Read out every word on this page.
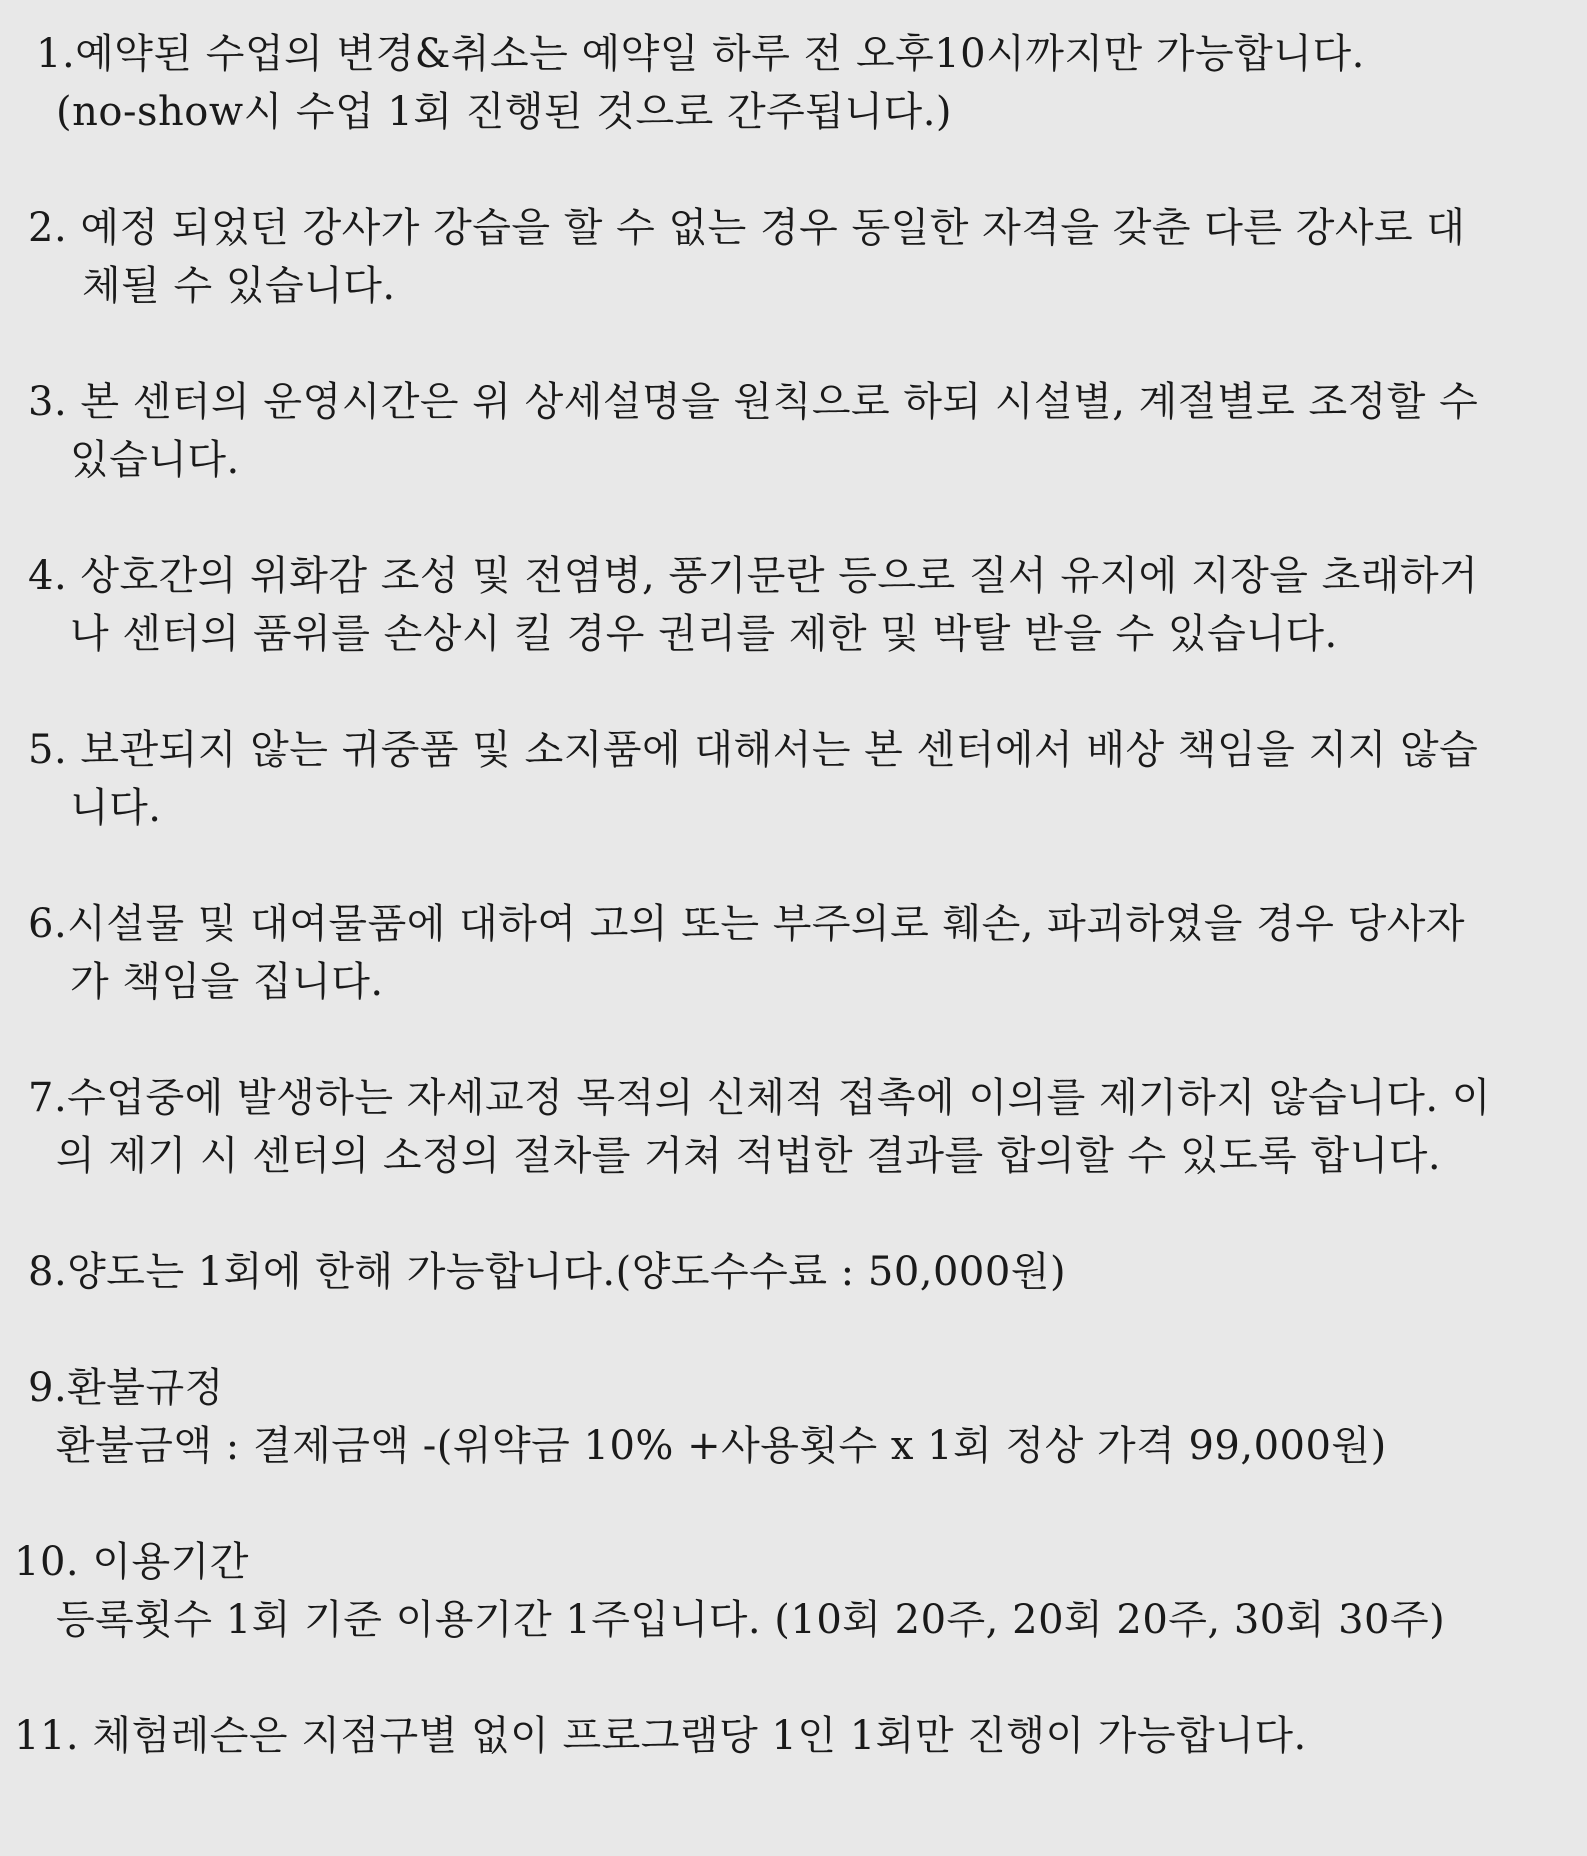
1.예약된 수업의 변경&취소는 예약일 하루 전 오후10시까지만 가능합니다.
(no-show시 수업 1회 진행된 것으로 간주됩니다.)
2. 예정 되었던 강사가 강습을 할 수 없는 경우 동일한 자격을 갖춘 다른 강사로 대
체될 수 있습니다.
3. 본 센터의 운영시간은 위 상세설명을 원칙으로 하되 시설별, 계절별로 조정할 수
있습니다.
4. 상호간의 위화감 조성 및 전염병, 풍기문란 등으로 질서 유지에 지장을 초래하거
나 센터의 품위를 손상시 킬 경우 권리를 제한 및 박탈 받을 수 있습니다.
5. 보관되지 않는 귀중품 및 소지품에 대해서는 본 센터에서 배상 책임을 지지 않습
니다.
6.시설물 및 대여물품에 대하여 고의 또는 부주의로 훼손, 파괴하였을 경우 당사자
가 책임을 집니다.
7.수업중에 발생하는 자세교정 목적의 신체적 접촉에 이의를 제기하지 않습니다. 이
의 제기 시 센터의 소정의 절차를 거쳐 적법한 결과를 합의할 수 있도록 합니다.
8.양도는 1회에 한해 가능합니다.(양도수수료 : 50,000원)
9.환불규정
환불금액 : 결제금액 -(위약금 10% +사용횟수 x 1회 정상 가격 99,000원)
10. 이용기간
등록횟수 1회 기준 이용기간 1주입니다. (10회 20주, 20회 20주, 30회 30주)
11. 체험레슨은 지점구별 없이 프로그램당 1인 1회만 진행이 가능합니다.
